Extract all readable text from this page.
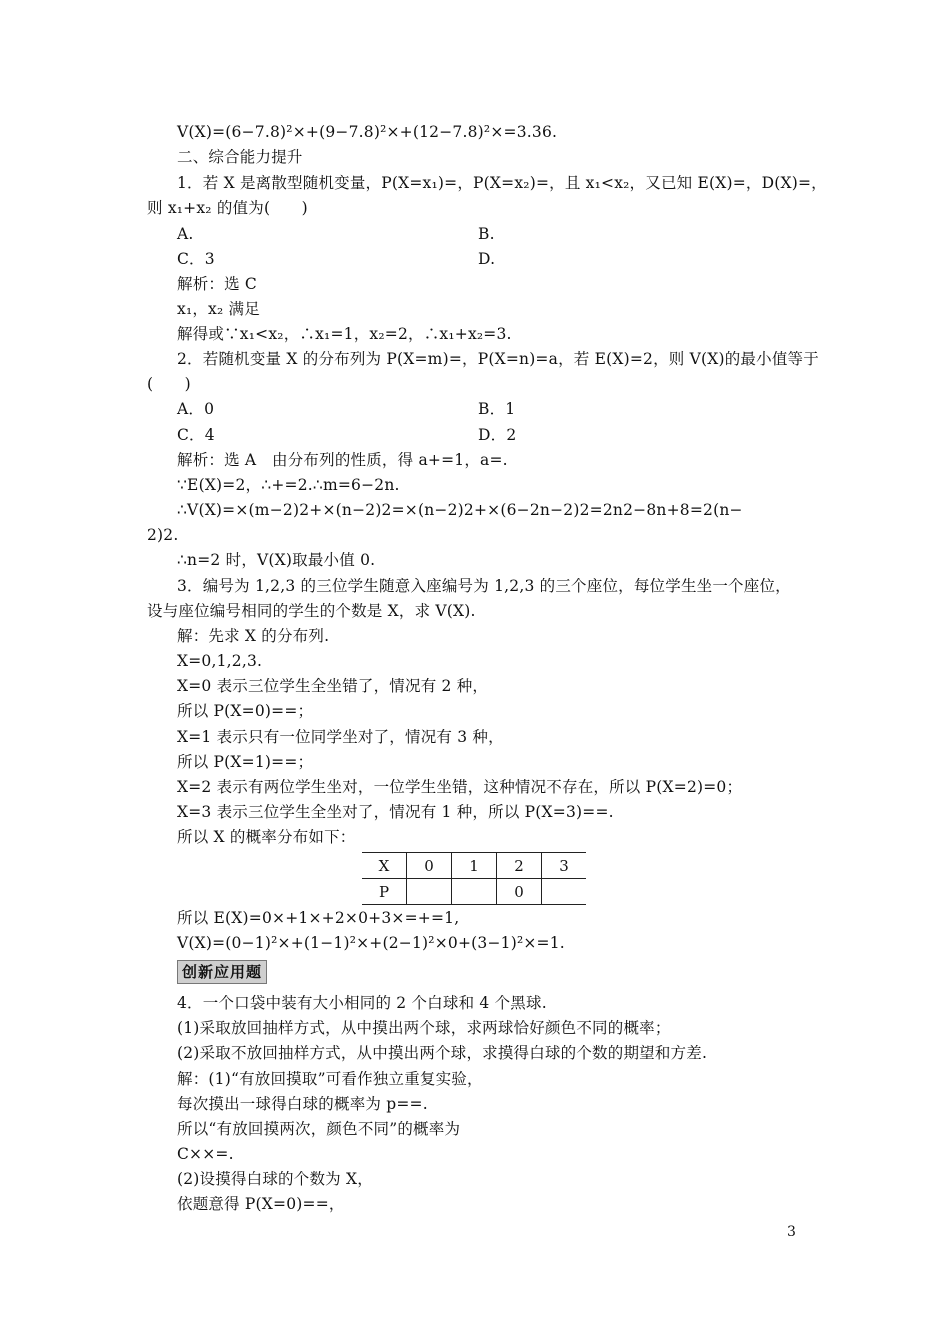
V(X)=(6−7.8)²×+(9−7.8)²×+(12−7.8)²×=3.36.
二、综合能力提升
1．若 X 是离散型随机变量，P(X=x₁)=，P(X=x₂)=，且 x₁<x₂，又已知 E(X)=，D(X)=，
则 x₁+x₂ 的值为(　　)
A.	B.
C．3	D.
解析：选 C
x₁，x₂ 满足
解得或∵x₁<x₂，∴x₁=1，x₂=2，∴x₁+x₂=3.
2．若随机变量 X 的分布列为 P(X=m)=，P(X=n)=a，若 E(X)=2，则 V(X)的最小值等于
(　　)
A．0	B．1
C．4	D．2
解析：选 A　由分布列的性质，得 a+=1，a=.
∵E(X)=2，∴+=2.∴m=6−2n.
∴V(X)=×(m−2)2+×(n−2)2=×(n−2)2+×(6−2n−2)2=2n2−8n+8=2(n−
2)2.
∴n=2 时，V(X)取最小值 0.
3．编号为 1,2,3 的三位学生随意入座编号为 1,2,3 的三个座位，每位学生坐一个座位，
设与座位编号相同的学生的个数是 X，求 V(X).
解：先求 X 的分布列.
X=0,1,2,3.
X=0 表示三位学生全坐错了，情况有 2 种，
所以 P(X=0)==；
X=1 表示只有一位同学坐对了，情况有 3 种，
所以 P(X=1)==；
X=2 表示有两位学生坐对，一位学生坐错，这种情况不存在，所以 P(X=2)=0；
X=3 表示三位学生全坐对了，情况有 1 种，所以 P(X=3)==.
所以 X 的概率分布如下：
X	0	1	2	3
P			0	
所以 E(X)=0×+1×+2×0+3×=+=1,
V(X)=(0−1)²×+(1−1)²×+(2−1)²×0+(3−1)²×=1.
创新应用题
4．一个口袋中装有大小相同的 2 个白球和 4 个黑球.
(1)采取放回抽样方式，从中摸出两个球，求两球恰好颜色不同的概率；
(2)采取不放回抽样方式，从中摸出两个球，求摸得白球的个数的期望和方差.
解：(1)“有放回摸取”可看作独立重复实验，
每次摸出一球得白球的概率为 p==.
所以“有放回摸两次，颜色不同”的概率为
C××=.
(2)设摸得白球的个数为 X，
依题意得 P(X=0)==，
3
